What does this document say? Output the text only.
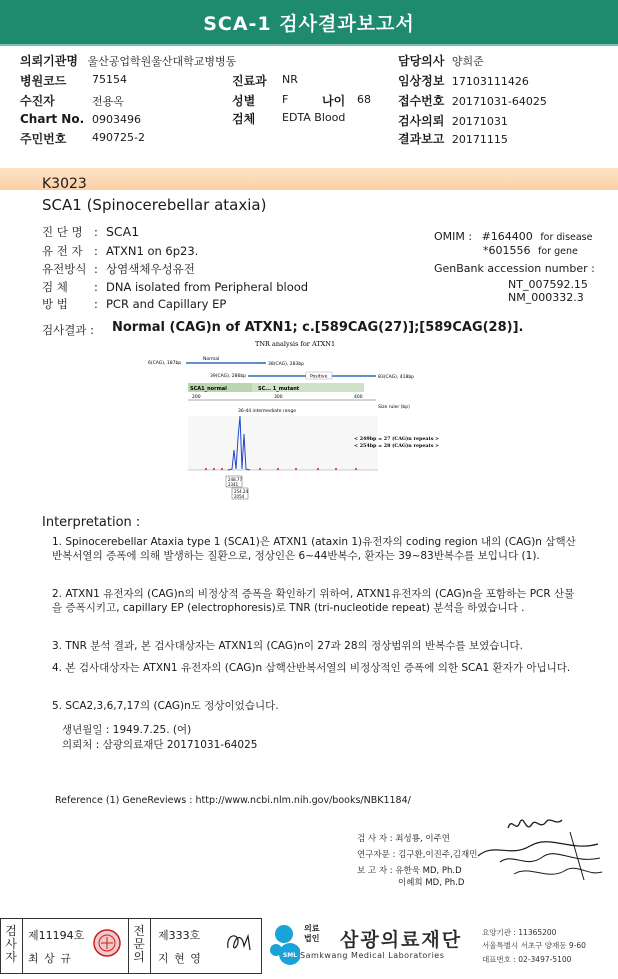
SCA-1 검사결과보고서
의뢰기관명 울산공업학원울산대학교병병동
병원코드 75154
수진자	전용옥
Chart No. 0903496
주민번호 490725-2
진료과 NR
성별 F	나이 68
검체 EDTA Blood
담당의사 양희준
임상정보 17103111426
접수번호 20171031-64025
검사의뢰 20171031
결과보고 20171115
K3023
SCA1 (Spinocerebellar ataxia)
진 단 명 : SCA1
유 전 자 : ATXN1 on 6p23.
유전방식 : 상염색체우성유전
검 체 : DNA isolated from Peripheral blood
방 법 : PCR and Capillary EP
OMIM : #164400 for disease
*601556 for gene
GenBank accession number :
NT_007592.15
NM_000332.3
검사결과 : Normal (CAG)n of ATXN1; c.[589CAG(27)];[589CAG(28)].
TNR analysis for ATXN1
6(CAG), 187bp
Normal
38(CAG), 283bp
39(CAG), 286bp	Positive	83(CAG), 418bp
SCA1_normal	SC... 1_mutant
200	300	400
Size ruler (bp)
36-44 intermediate range
< 249bp = 27 (CAG)n repeats >
< 254bp = 28 (CAG)n repeats >
248.77
2341
254.24
2054
Interpretation :
1. Spinocerebellar Ataxia type 1 (SCA1)은 ATXN1 (ataxin 1)유전자의 coding region 내의 (CAG)n 삼핵산 반복서열의 증폭에 의해 발생하는 질환으로, 정상인은 6~44반복수, 환자는 39~83반복수를 보입니다 (1).
2. ATXN1 유전자의 (CAG)n의 비정상적 증폭을 확인하기 위하여, ATXN1유전자의 (CAG)n을 포함하는 PCR 산물을 증폭시키고, capillary EP (electrophoresis)로 TNR (tri-nucleotide repeat) 분석을 하였습니다 .
3. TNR 분석 결과, 본 검사대상자는 ATXN1의 (CAG)n이 27과 28의 정상범위의 반복수를 보였습니다.
4. 본 검사대상자는 ATXN1 유전자의 (CAG)n 삼핵산반복서열의 비정상적인 증폭에 의한 SCA1 환자가 아닙니다.
5. SCA2,3,6,7,17의 (CAG)n도 정상이었습니다.
생년월일 : 1949.7.25. (여)
의뢰처 : 삼광의료재단 20171031-64025
Reference (1) GeneReviews : http://www.ncbi.nlm.nih.gov/books/NBK1184/
검 사 자 : 최성룡, 이주연
연구자문 : 김구환,이진주,김재민
보 고 자 : 유한욱 MD, Ph.D
이혜희 MD, Ph.D
검사자
전문의
제11194호
최 상 규
제333호
지 현 영	SML
의료법인	삼광의료재단
Samkwang Medical Laboratories
요양기관 : 11365200
서울특별시 서초구 양재동 9-60
대표번호 : 02-3497-5100
